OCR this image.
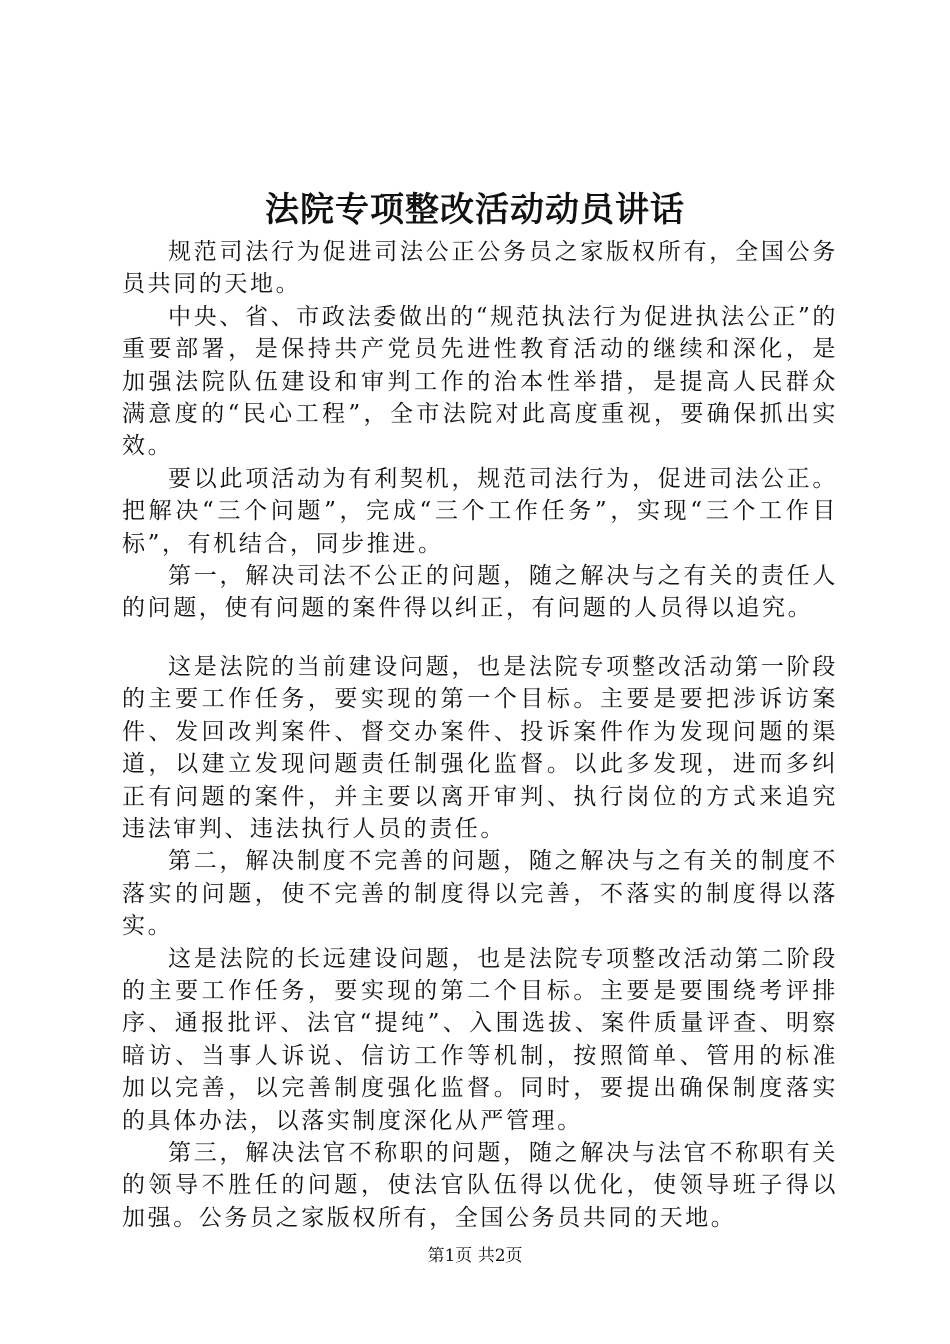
法院专项整改活动动员讲话

规范司法行为促进司法公正公务员之家版权所有，全国公务员共同的天地。

中央、省、市政法委做出的“规范执法行为促进执法公正”的重要部署，是保持共产党员先进性教育活动的继续和深化，是加强法院队伍建设和审判工作的治本性举措，是提高人民群众满意度的“民心工程”，全市法院对此高度重视，要确保抓出实效。

要以此项活动为有利契机，规范司法行为，促进司法公正。把解决“三个问题”，完成“三个工作任务”，实现“三个工作目标”，有机结合，同步推进。

第一，解决司法不公正的问题，随之解决与之有关的责任人的问题，使有问题的案件得以纠正，有问题的人员得以追究。

这是法院的当前建设问题，也是法院专项整改活动第一阶段的主要工作任务，要实现的第一个目标。主要是要把涉诉访案件、发回改判案件、督交办案件、投诉案件作为发现问题的渠道，以建立发现问题责任制强化监督。以此多发现，进而多纠正有问题的案件，并主要以离开审判、执行岗位的方式来追究违法审判、违法执行人员的责任。

第二，解决制度不完善的问题，随之解决与之有关的制度不落实的问题，使不完善的制度得以完善，不落实的制度得以落实。

这是法院的长远建设问题，也是法院专项整改活动第二阶段的主要工作任务，要实现的第二个目标。主要是要围绕考评排序、通报批评、法官“提纯”、入围选拔、案件质量评查、明察暗访、当事人诉说、信访工作等机制，按照简单、管用的标准加以完善，以完善制度强化监督。同时，要提出确保制度落实的具体办法，以落实制度深化从严管理。

第三，解决法官不称职的问题，随之解决与法官不称职有关的领导不胜任的问题，使法官队伍得以优化，使领导班子得以加强。公务员之家版权所有，全国公务员共同的天地。

第1页 共2页
